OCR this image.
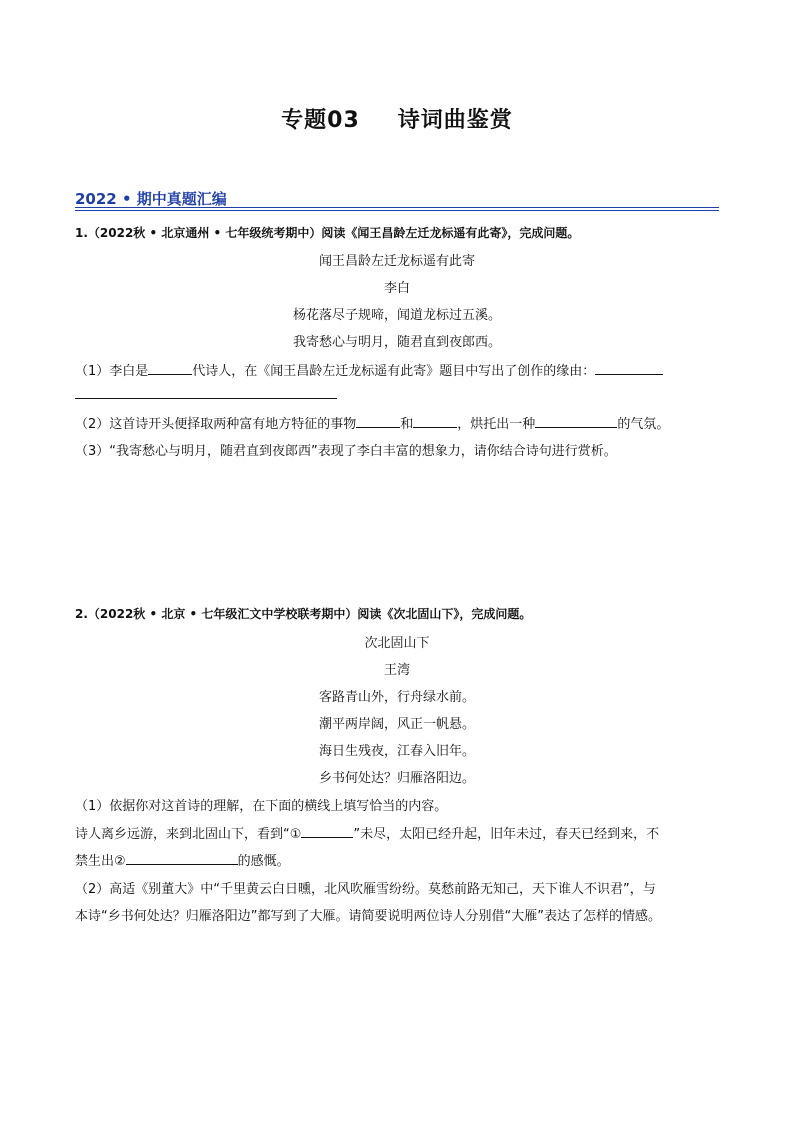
专题03 诗词曲鉴赏
2022 • 期中真题汇编
1.（2022秋 • 北京通州 • 七年级统考期中）阅读《闻王昌龄左迁龙标遥有此寄》，完成问题。
闻王昌龄左迁龙标遥有此寄
李白
杨花落尽子规啼，闻道龙标过五溪。
我寄愁心与明月，随君直到夜郎西。
（1）李白是	代诗人，在《闻王昌龄左迁龙标遥有此寄》题目中写出了创作的缘由：
（2）这首诗开头便择取两种富有地方特征的事物	和	，烘托出一种	的气氛。
（3）“我寄愁心与明月，随君直到夜郎西”表现了李白丰富的想象力，请你结合诗句进行赏析。
2.（2022秋 • 北京 • 七年级汇文中学校联考期中）阅读《次北固山下》，完成问题。
次北固山下
王湾
客路青山外，行舟绿水前。
潮平两岸阔，风正一帆悬。
海日生残夜，江春入旧年。
乡书何处达？归雁洛阳边。
（1）依据你对这首诗的理解，在下面的横线上填写恰当的内容。
诗人离乡远游，来到北固山下，看到“①	”未尽，太阳已经升起，旧年未过，春天已经到来，不
禁生出②	的感慨。
（2）高适《别董大》中“千里黄云白日曛，北风吹雁雪纷纷。莫愁前路无知己，天下谁人不识君”，与
本诗“乡书何处达？归雁洛阳边”都写到了大雁。请简要说明两位诗人分别借“大雁”表达了怎样的情感。
